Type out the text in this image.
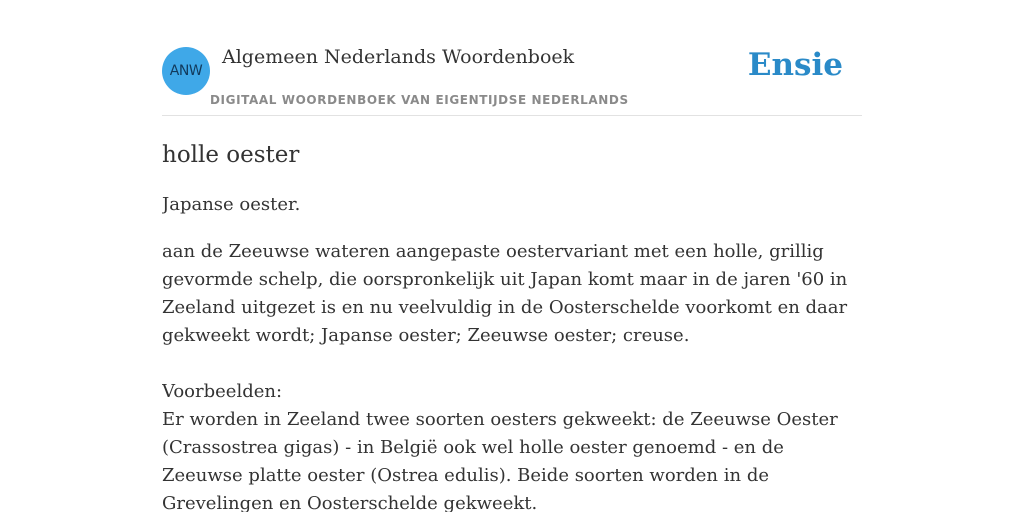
ANW
Algemeen Nederlands Woordenboek
DIGITAAL WOORDENBOEK VAN EIGENTIJDSE NEDERLANDS
Ensie
holle oester

Japanse oester.

aan de Zeeuwse wateren aangepaste oestervariant met een holle, grillig gevormde schelp, die oorspronkelijk uit Japan komt maar in de jaren '60 in Zeeland uitgezet is en nu veelvuldig in de Oosterschelde voorkomt en daar gekweekt wordt; Japanse oester; Zeeuwse oester; creuse.

Voorbeelden:

Er worden in Zeeland twee soorten oesters gekweekt: de Zeeuwse Oester (Crassostrea gigas) - in België ook wel holle oester genoemd - en de Zeeuwse platte oester (Ostrea edulis). Beide soorten worden in de Grevelingen en Oosterschelde gekweekt.
